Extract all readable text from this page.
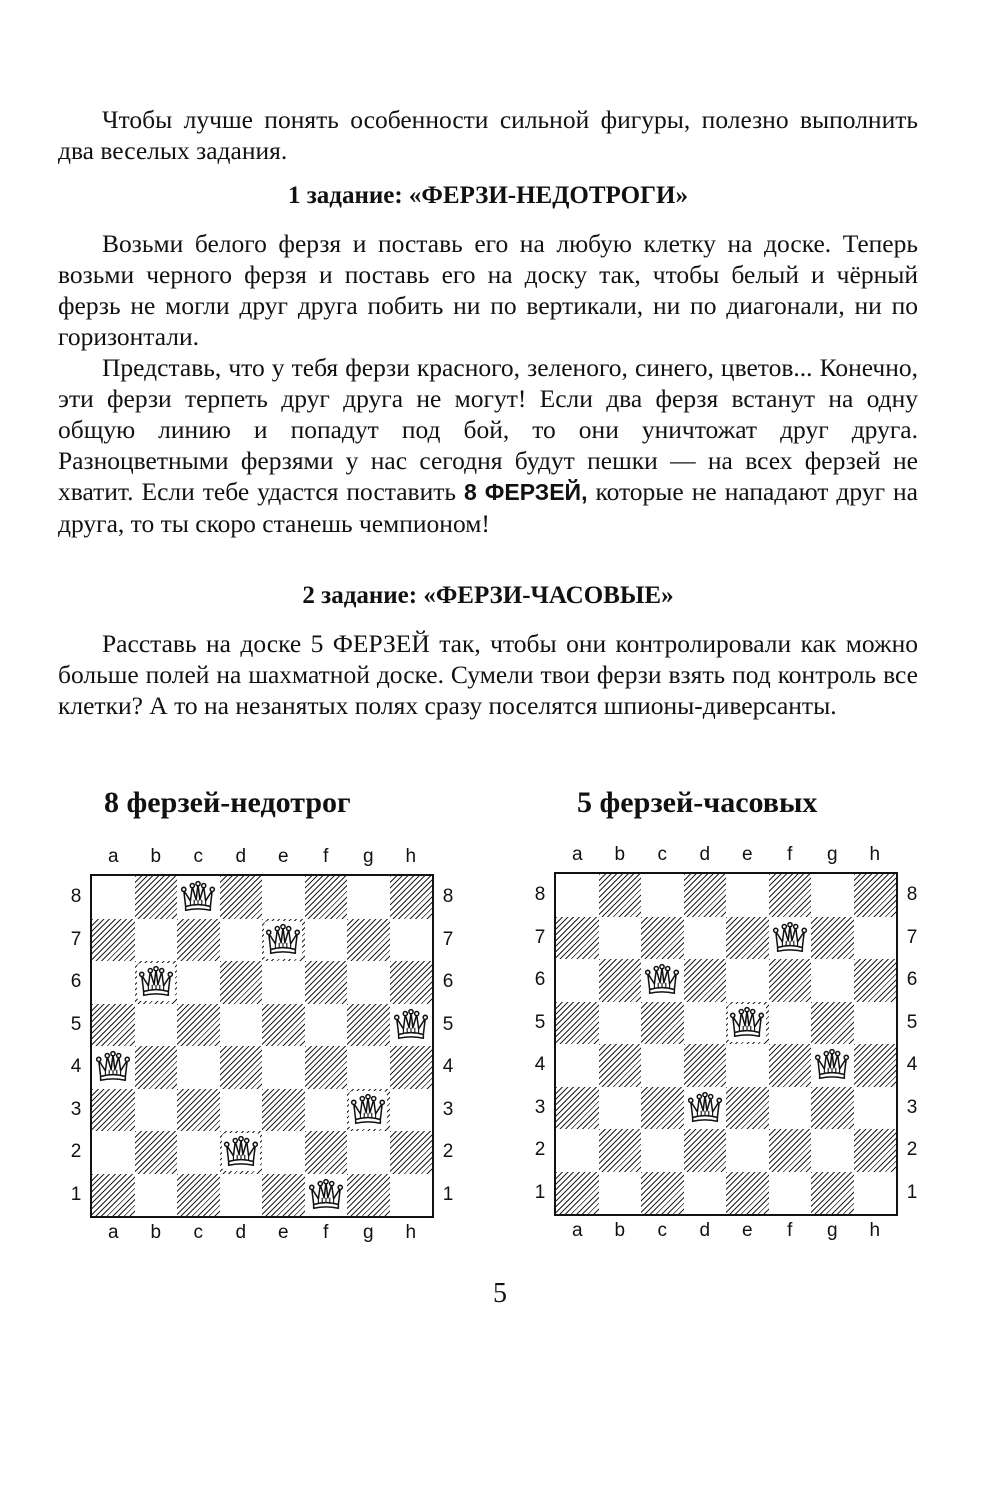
Чтобы лучше понять особенности сильной фигуры, полезно выполнить два веселых задания.

1 задание: «ФЕРЗИ-НЕДОТРОГИ»

Возьми белого ферзя и поставь его на любую клетку на доске. Теперь возьми черного ферзя и поставь его на доску так, чтобы белый и чёрный ферзь не могли друг друга побить ни по вертикали, ни по диагонали, ни по горизонтали.

Представь, что у тебя ферзи красного, зеленого, синего, цветов... Конечно, эти ферзи терпеть друг друга не могут! Если два ферзя встанут на одну общую линию и попадут под бой, то они уничтожат друг друга. Разноцветными ферзями у нас сегодня будут пешки — на всех ферзей не хватит. Если тебе удастся поставить 8 ФЕРЗЕЙ, которые не нападают друг на друга, то ты скоро станешь чемпионом!

2 задание: «ФЕРЗИ-ЧАСОВЫЕ»

Расставь на доске 5 ФЕРЗЕЙ так, чтобы они контролировали как можно больше полей на шахматной доске. Сумели твои ферзи взять под контроль все клетки? А то на незанятых полях сразу поселятся шпионы-диверсанты.

8 ферзей-недотрог	5 ферзей-часовых

a
a
b
b
c
c
d
d
e
e
f
f
g
g
h
h
8	8
7	7
6	6
5	5
4	4
3	3
2	2
1	1
a
a
b
b
c
c
d
d
e
e
f
f
g
g
h
h
8	8
7	7
6	6
5	5
4	4
3	3
2	2
1	1

5
